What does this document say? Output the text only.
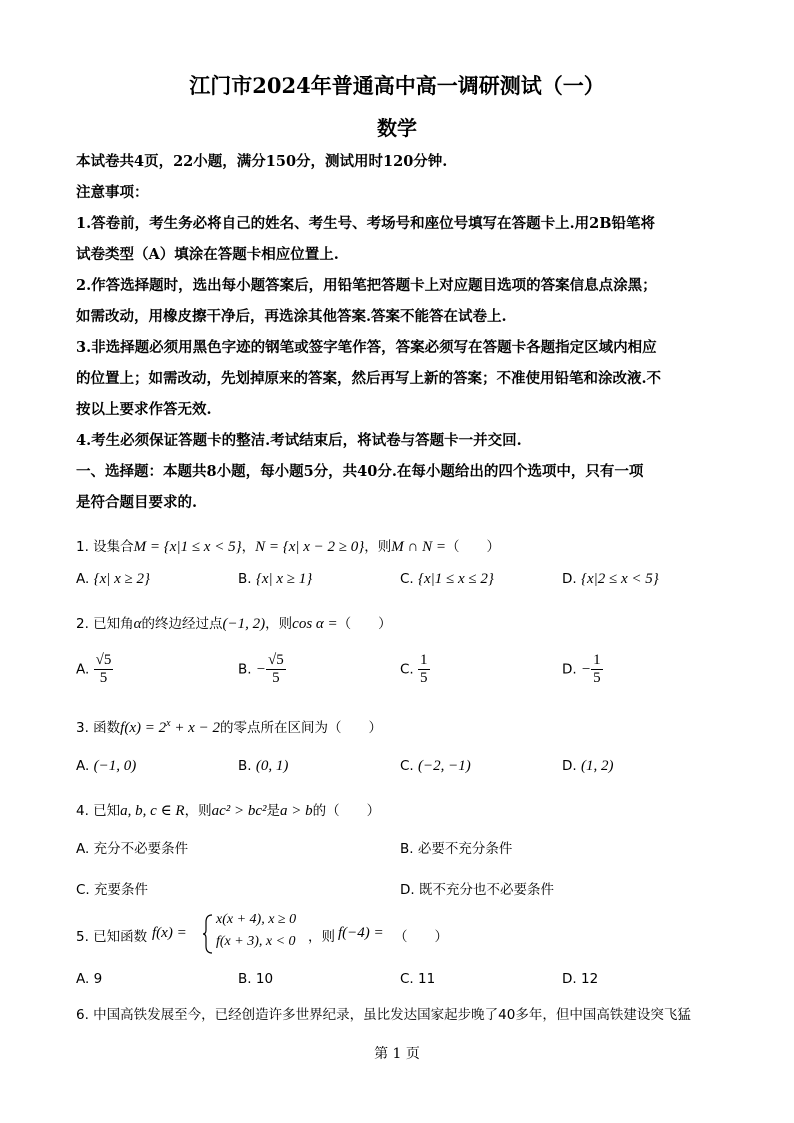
江门市2024年普通高中高一调研测试（一）
数学
本试卷共4页，22小题，满分150分，测试用时120分钟.
注意事项：
1.答卷前，考生务必将自己的姓名、考生号、考场号和座位号填写在答题卡上.用2B铅笔将
试卷类型（A）填涂在答题卡相应位置上.
2.作答选择题时，选出每小题答案后，用铅笔把答题卡上对应题目选项的答案信息点涂黑；
如需改动，用橡皮擦干净后，再选涂其他答案.答案不能答在试卷上.
3.非选择题必须用黑色字迹的钢笔或签字笔作答，答案必须写在答题卡各题指定区域内相应
的位置上；如需改动，先划掉原来的答案，然后再写上新的答案；不准使用铅笔和涂改液.不
按以上要求作答无效.
4.考生必须保证答题卡的整洁.考试结束后，将试卷与答题卡一并交回.
一、选择题：本题共8小题，每小题5分，共40分.在每小题给出的四个选项中，只有一项
是符合题目要求的.
1. 设集合M = {x|1 ≤ x < 5}，N = {x| x − 2 ≥ 0}，则M ∩ N =（　　）
A. {x| x ≥ 2}	B. {x| x ≥ 1}	C. {x|1 ≤ x ≤ 2}	D. {x|2 ≤ x < 5}
2. 已知角α的终边经过点(−1, 2)，则cos α =（　　）
A. $\frac{√5}{5}$	B. − $\frac{√5}{5}$	C. $\frac{1}{5}$	D. − $\frac{1}{5}$
3. 函数$f(x) = 2^x + x - 2$的零点所在区间为（　　）
A. (−1, 0)	B. (0, 1)	C. (−2, −1)	D. (1, 2)
4. 已知a, b, c ∈ R，则ac² > bc²是a > b的（　　）
A. 充分不必要条件	B. 必要不充分条件
C. 充要条件	D. 既不充分也不必要条件
5. 已知函数 f(x) =
x(x + 4), x ≥ 0
f(x + 3), x < 0 ，则 f(−4) = （　　）
A. 9	B. 10	C. 11	D. 12
6. 中国高铁发展至今，已经创造许多世界纪录，虽比发达国家起步晚了40多年，但中国高铁建设突飞猛
第 1 页
